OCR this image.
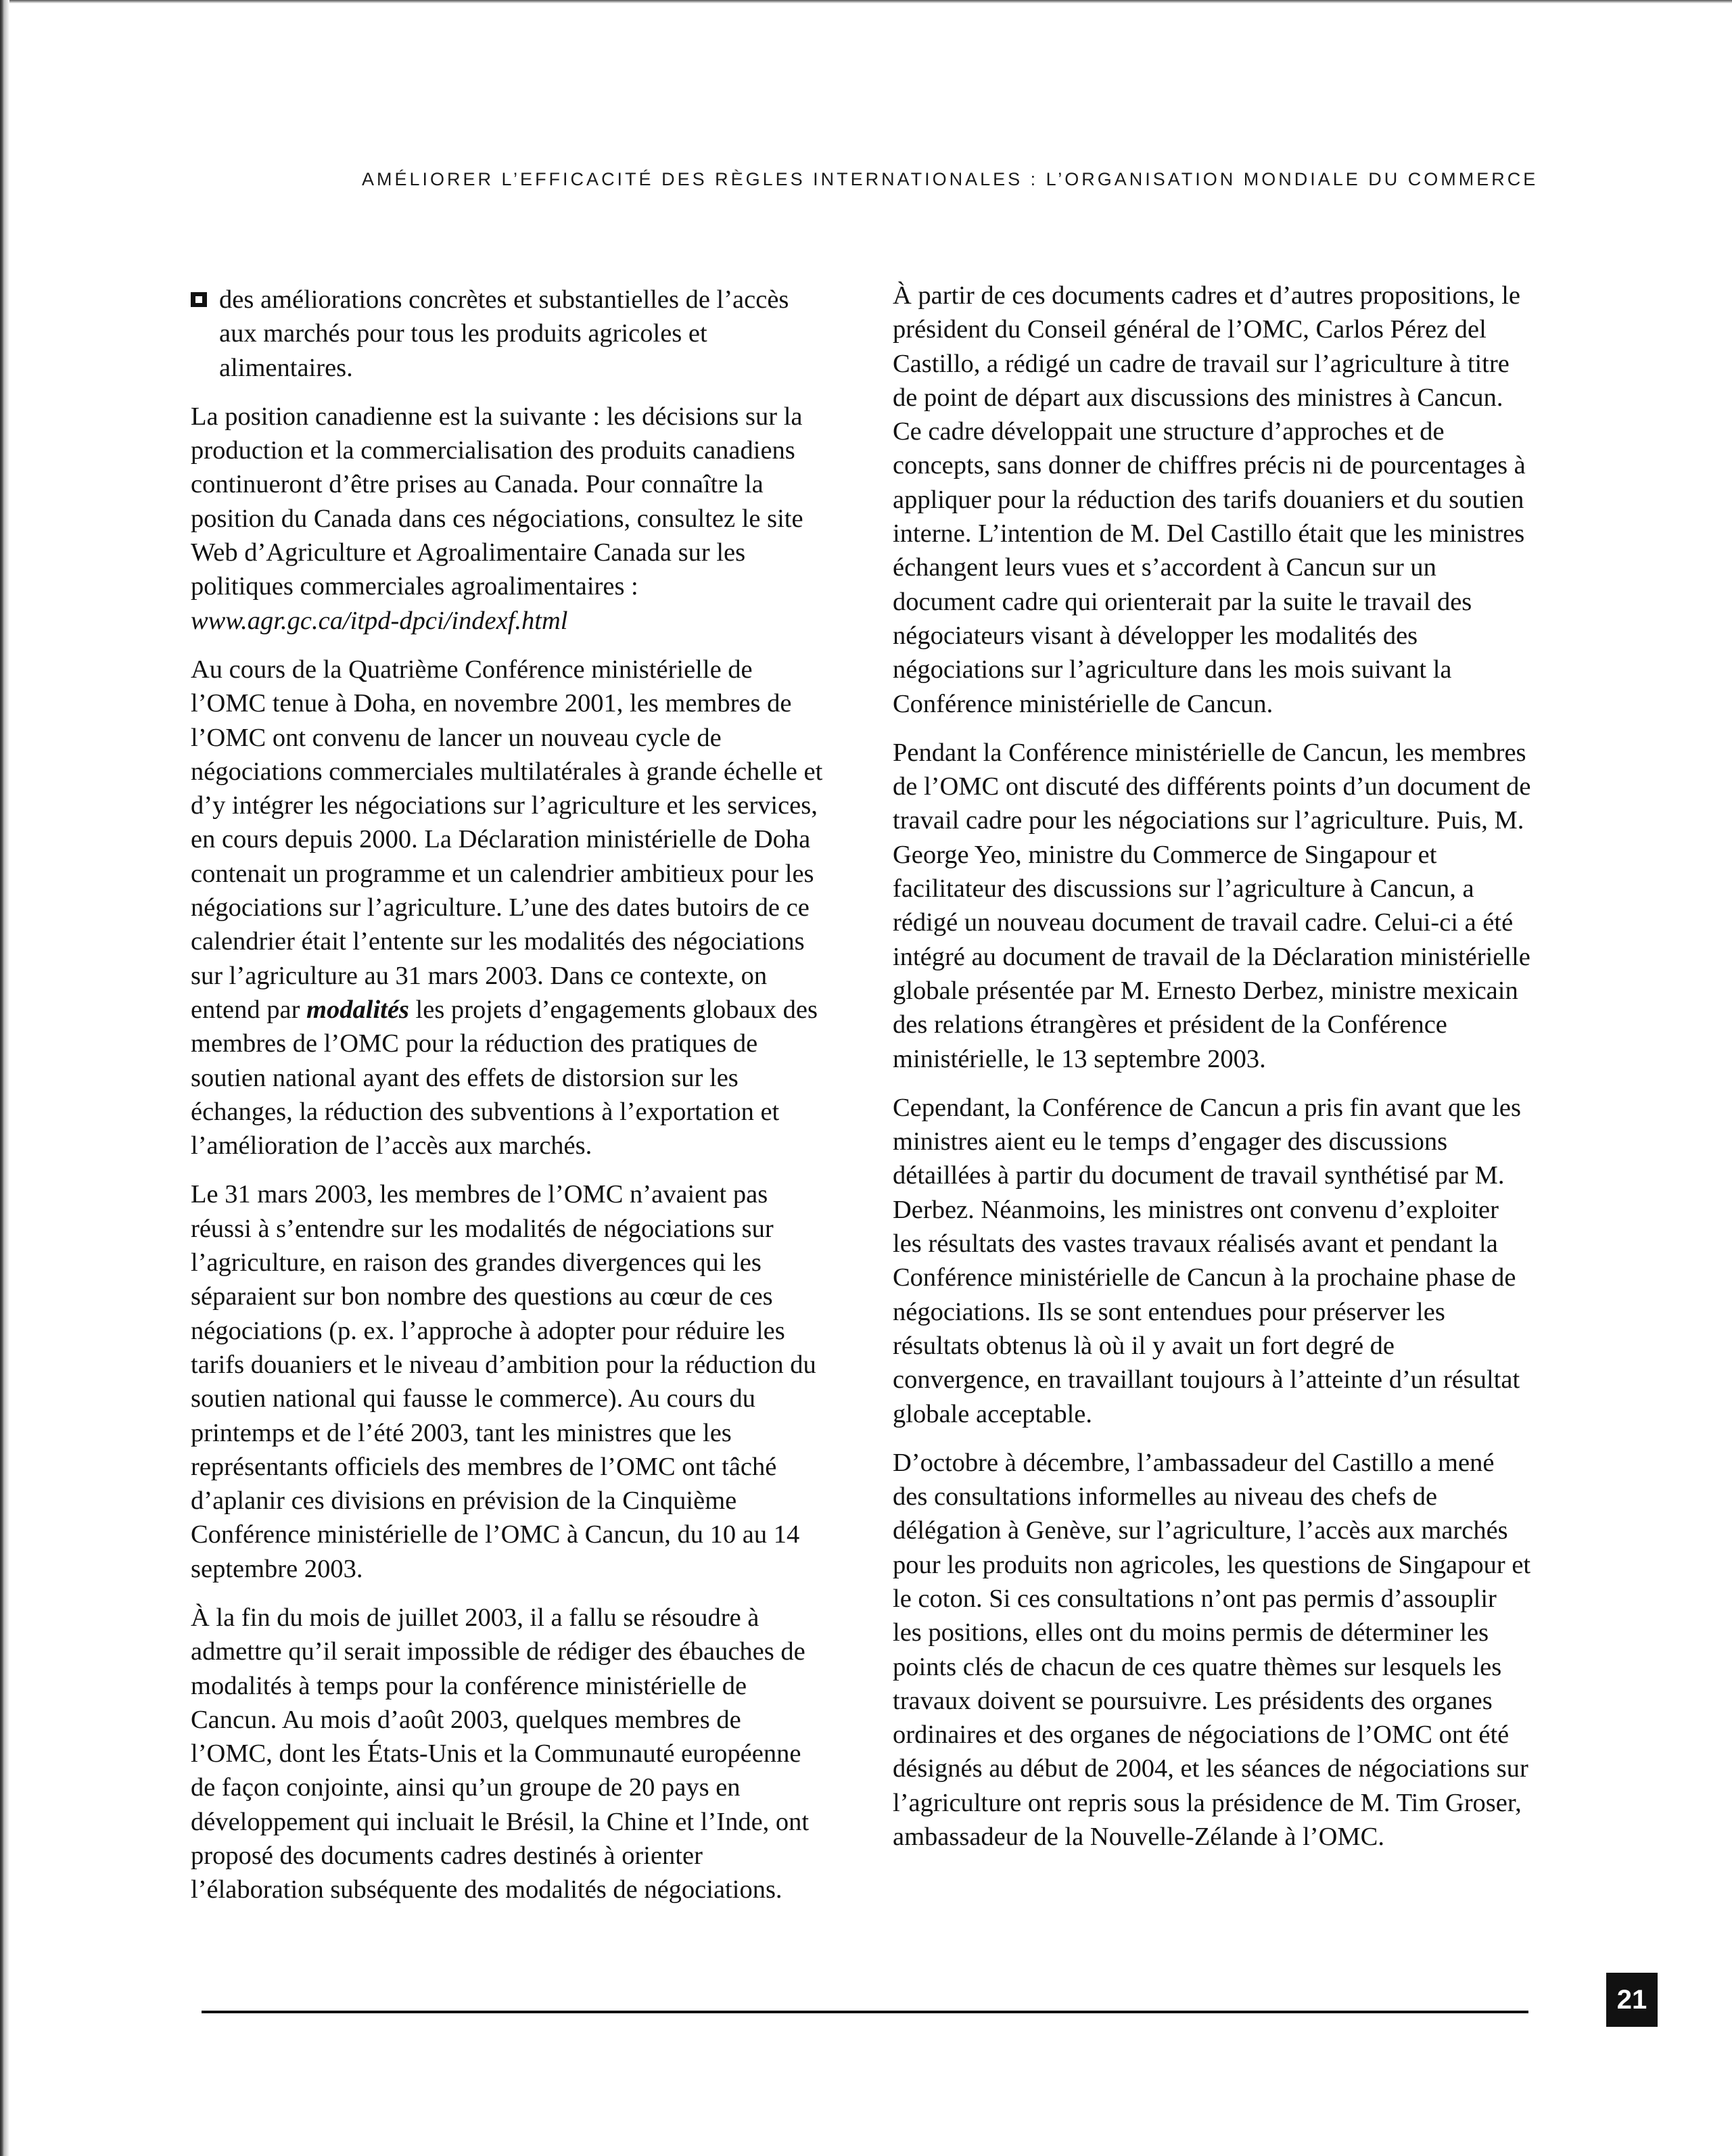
AMÉLIORER L’EFFICACITÉ DES RÈGLES INTERNATIONALES : L’ORGANISATION MONDIALE DU COMMERCE
des améliorations concrètes et substantielles de l’accès aux marchés pour tous les produits agricoles et alimentaires.

La position canadienne est la suivante : les décisions sur la production et la commercialisation des produits canadiens continueront d’être prises au Canada. Pour connaître la position du Canada dans ces négociations, consultez le site Web d’Agriculture et Agroalimentaire Canada sur les politiques commerciales agroalimentaires : www.agr.gc.ca/itpd-dpci/indexf.html

Au cours de la Quatrième Conférence ministérielle de l’OMC tenue à Doha, en novembre 2001, les membres de l’OMC ont convenu de lancer un nouveau cycle de négociations commerciales multilatérales à grande échelle et d’y intégrer les négociations sur l’agriculture et les services, en cours depuis 2000. La Déclaration ministérielle de Doha contenait un programme et un calendrier ambitieux pour les négociations sur l’agriculture. L’une des dates butoirs de ce calendrier était l’entente sur les modalités des négociations sur l’agriculture au 31 mars 2003. Dans ce contexte, on entend par modalités les projets d’engagements globaux des membres de l’OMC pour la réduction des pratiques de soutien national ayant des effets de distorsion sur les échanges, la réduction des subventions à l’exportation et l’amélioration de l’accès aux marchés.

Le 31 mars 2003, les membres de l’OMC n’avaient pas réussi à s’entendre sur les modalités de négociations sur l’agriculture, en raison des grandes divergences qui les séparaient sur bon nombre des questions au cœur de ces négociations (p. ex. l’approche à adopter pour réduire les tarifs douaniers et le niveau d’ambition pour la réduction du soutien national qui fausse le commerce). Au cours du printemps et de l’été 2003, tant les ministres que les représentants officiels des membres de l’OMC ont tâché d’aplanir ces divisions en prévision de la Cinquième Conférence ministérielle de l’OMC à Cancun, du 10 au 14 septembre 2003.

À la fin du mois de juillet 2003, il a fallu se résoudre à admettre qu’il serait impossible de rédiger des ébauches de modalités à temps pour la conférence ministérielle de Cancun. Au mois d’août 2003, quelques membres de l’OMC, dont les États-Unis et la Communauté européenne de façon conjointe, ainsi qu’un groupe de 20 pays en développement qui incluait le Brésil, la Chine et l’Inde, ont proposé des documents cadres destinés à orienter l’élaboration subséquente des modalités de négociations.

À partir de ces documents cadres et d’autres propositions, le président du Conseil général de l’OMC, Carlos Pérez del Castillo, a rédigé un cadre de travail sur l’agriculture à titre de point de départ aux discussions des ministres à Cancun. Ce cadre développait une structure d’approches et de concepts, sans donner de chiffres précis ni de pourcentages à appliquer pour la réduction des tarifs douaniers et du soutien interne. L’intention de M. Del Castillo était que les ministres échangent leurs vues et s’accordent à Cancun sur un document cadre qui orienterait par la suite le travail des négociateurs visant à développer les modalités des négociations sur l’agriculture dans les mois suivant la Conférence ministérielle de Cancun.

Pendant la Conférence ministérielle de Cancun, les membres de l’OMC ont discuté des différents points d’un document de travail cadre pour les négociations sur l’agriculture. Puis, M. George Yeo, ministre du Commerce de Singapour et facilitateur des discussions sur l’agriculture à Cancun, a rédigé un nouveau document de travail cadre. Celui-ci a été intégré au document de travail de la Déclaration ministérielle globale présentée par M. Ernesto Derbez, ministre mexicain des relations étrangères et président de la Conférence ministérielle, le 13 septembre 2003.

Cependant, la Conférence de Cancun a pris fin avant que les ministres aient eu le temps d’engager des discussions détaillées à partir du document de travail synthétisé par M. Derbez. Néanmoins, les ministres ont convenu d’exploiter les résultats des vastes travaux réalisés avant et pendant la Conférence ministérielle de Cancun à la prochaine phase de négociations. Ils se sont entendues pour préserver les résultats obtenus là où il y avait un fort degré de convergence, en travaillant toujours à l’atteinte d’un résultat globale acceptable.

D’octobre à décembre, l’ambassadeur del Castillo a mené des consultations informelles au niveau des chefs de délégation à Genève, sur l’agriculture, l’accès aux marchés pour les produits non agricoles, les questions de Singapour et le coton. Si ces consultations n’ont pas permis d’assouplir les positions, elles ont du moins permis de déterminer les points clés de chacun de ces quatre thèmes sur lesquels les travaux doivent se poursuivre. Les présidents des organes ordinaires et des organes de négociations de l’OMC ont été désignés au début de 2004, et les séances de négociations sur l’agriculture ont repris sous la présidence de M. Tim Groser, ambassadeur de la Nouvelle-Zélande à l’OMC.

21
